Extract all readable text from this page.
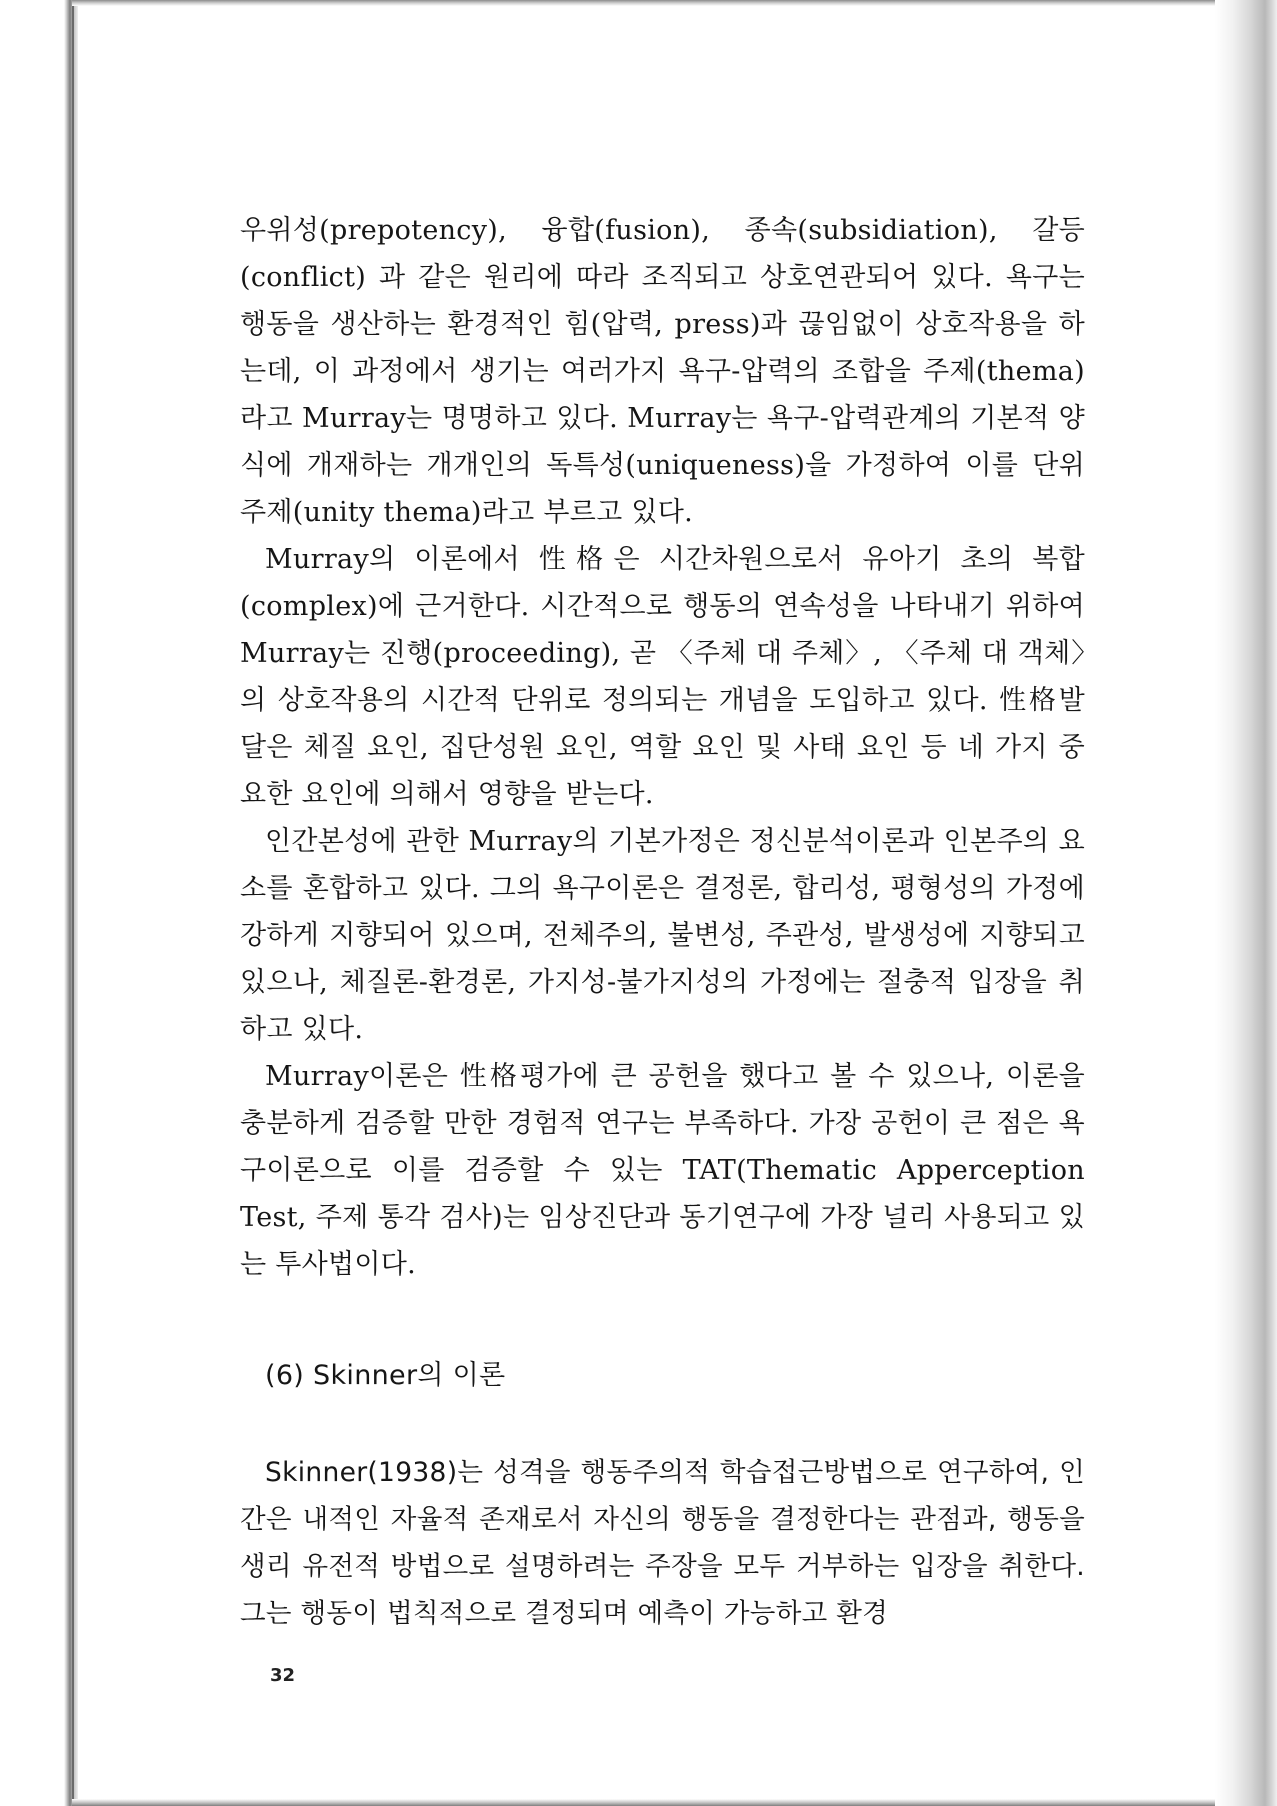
우위성(prepotency), 융합(fusion), 종속(subsidiation), 갈등(conflict) 과 같은 원리에 따라 조직되고 상호연관되어 있다. 욕구는 행동을 생산하는 환경적인 힘(압력, press)과 끊임없이 상호작용을 하는데, 이 과정에서 생기는 여러가지 욕구-압력의 조합을 주제(thema)라고 Murray는 명명하고 있다. Murray는 욕구-압력관계의 기본적 양식에 개재하는 개개인의 독특성(uniqueness)을 가정하여 이를 단위 주제(unity thema)라고 부르고 있다.

Murray의 이론에서 性格은 시간차원으로서 유아기 초의 복합(complex)에 근거한다. 시간적으로 행동의 연속성을 나타내기 위하여 Murray는 진행(proceeding), 곧 〈주체 대 주체〉, 〈주체 대 객체〉의 상호작용의 시간적 단위로 정의되는 개념을 도입하고 있다. 性格발달은 체질 요인, 집단성원 요인, 역할 요인 및 사태 요인 등 네 가지 중요한 요인에 의해서 영향을 받는다.

인간본성에 관한 Murray의 기본가정은 정신분석이론과 인본주의 요소를 혼합하고 있다. 그의 욕구이론은 결정론, 합리성, 평형성의 가정에 강하게 지향되어 있으며, 전체주의, 불변성, 주관성, 발생성에 지향되고 있으나, 체질론-환경론, 가지성-불가지성의 가정에는 절충적 입장을 취하고 있다.

Murray이론은 性格평가에 큰 공헌을 했다고 볼 수 있으나, 이론을 충분하게 검증할 만한 경험적 연구는 부족하다. 가장 공헌이 큰 점은 욕구이론으로 이를 검증할 수 있는 TAT(Thematic Apperception Test, 주제 통각 검사)는 임상진단과 동기연구에 가장 널리 사용되고 있는 투사법이다.

(6) Skinner의 이론

Skinner(1938)는 성격을 행동주의적 학습접근방법으로 연구하여, 인간은 내적인 자율적 존재로서 자신의 행동을 결정한다는 관점과, 행동을 생리 유전적 방법으로 설명하려는 주장을 모두 거부하는 입장을 취한다. 그는 행동이 법칙적으로 결정되며 예측이 가능하고 환경

32
